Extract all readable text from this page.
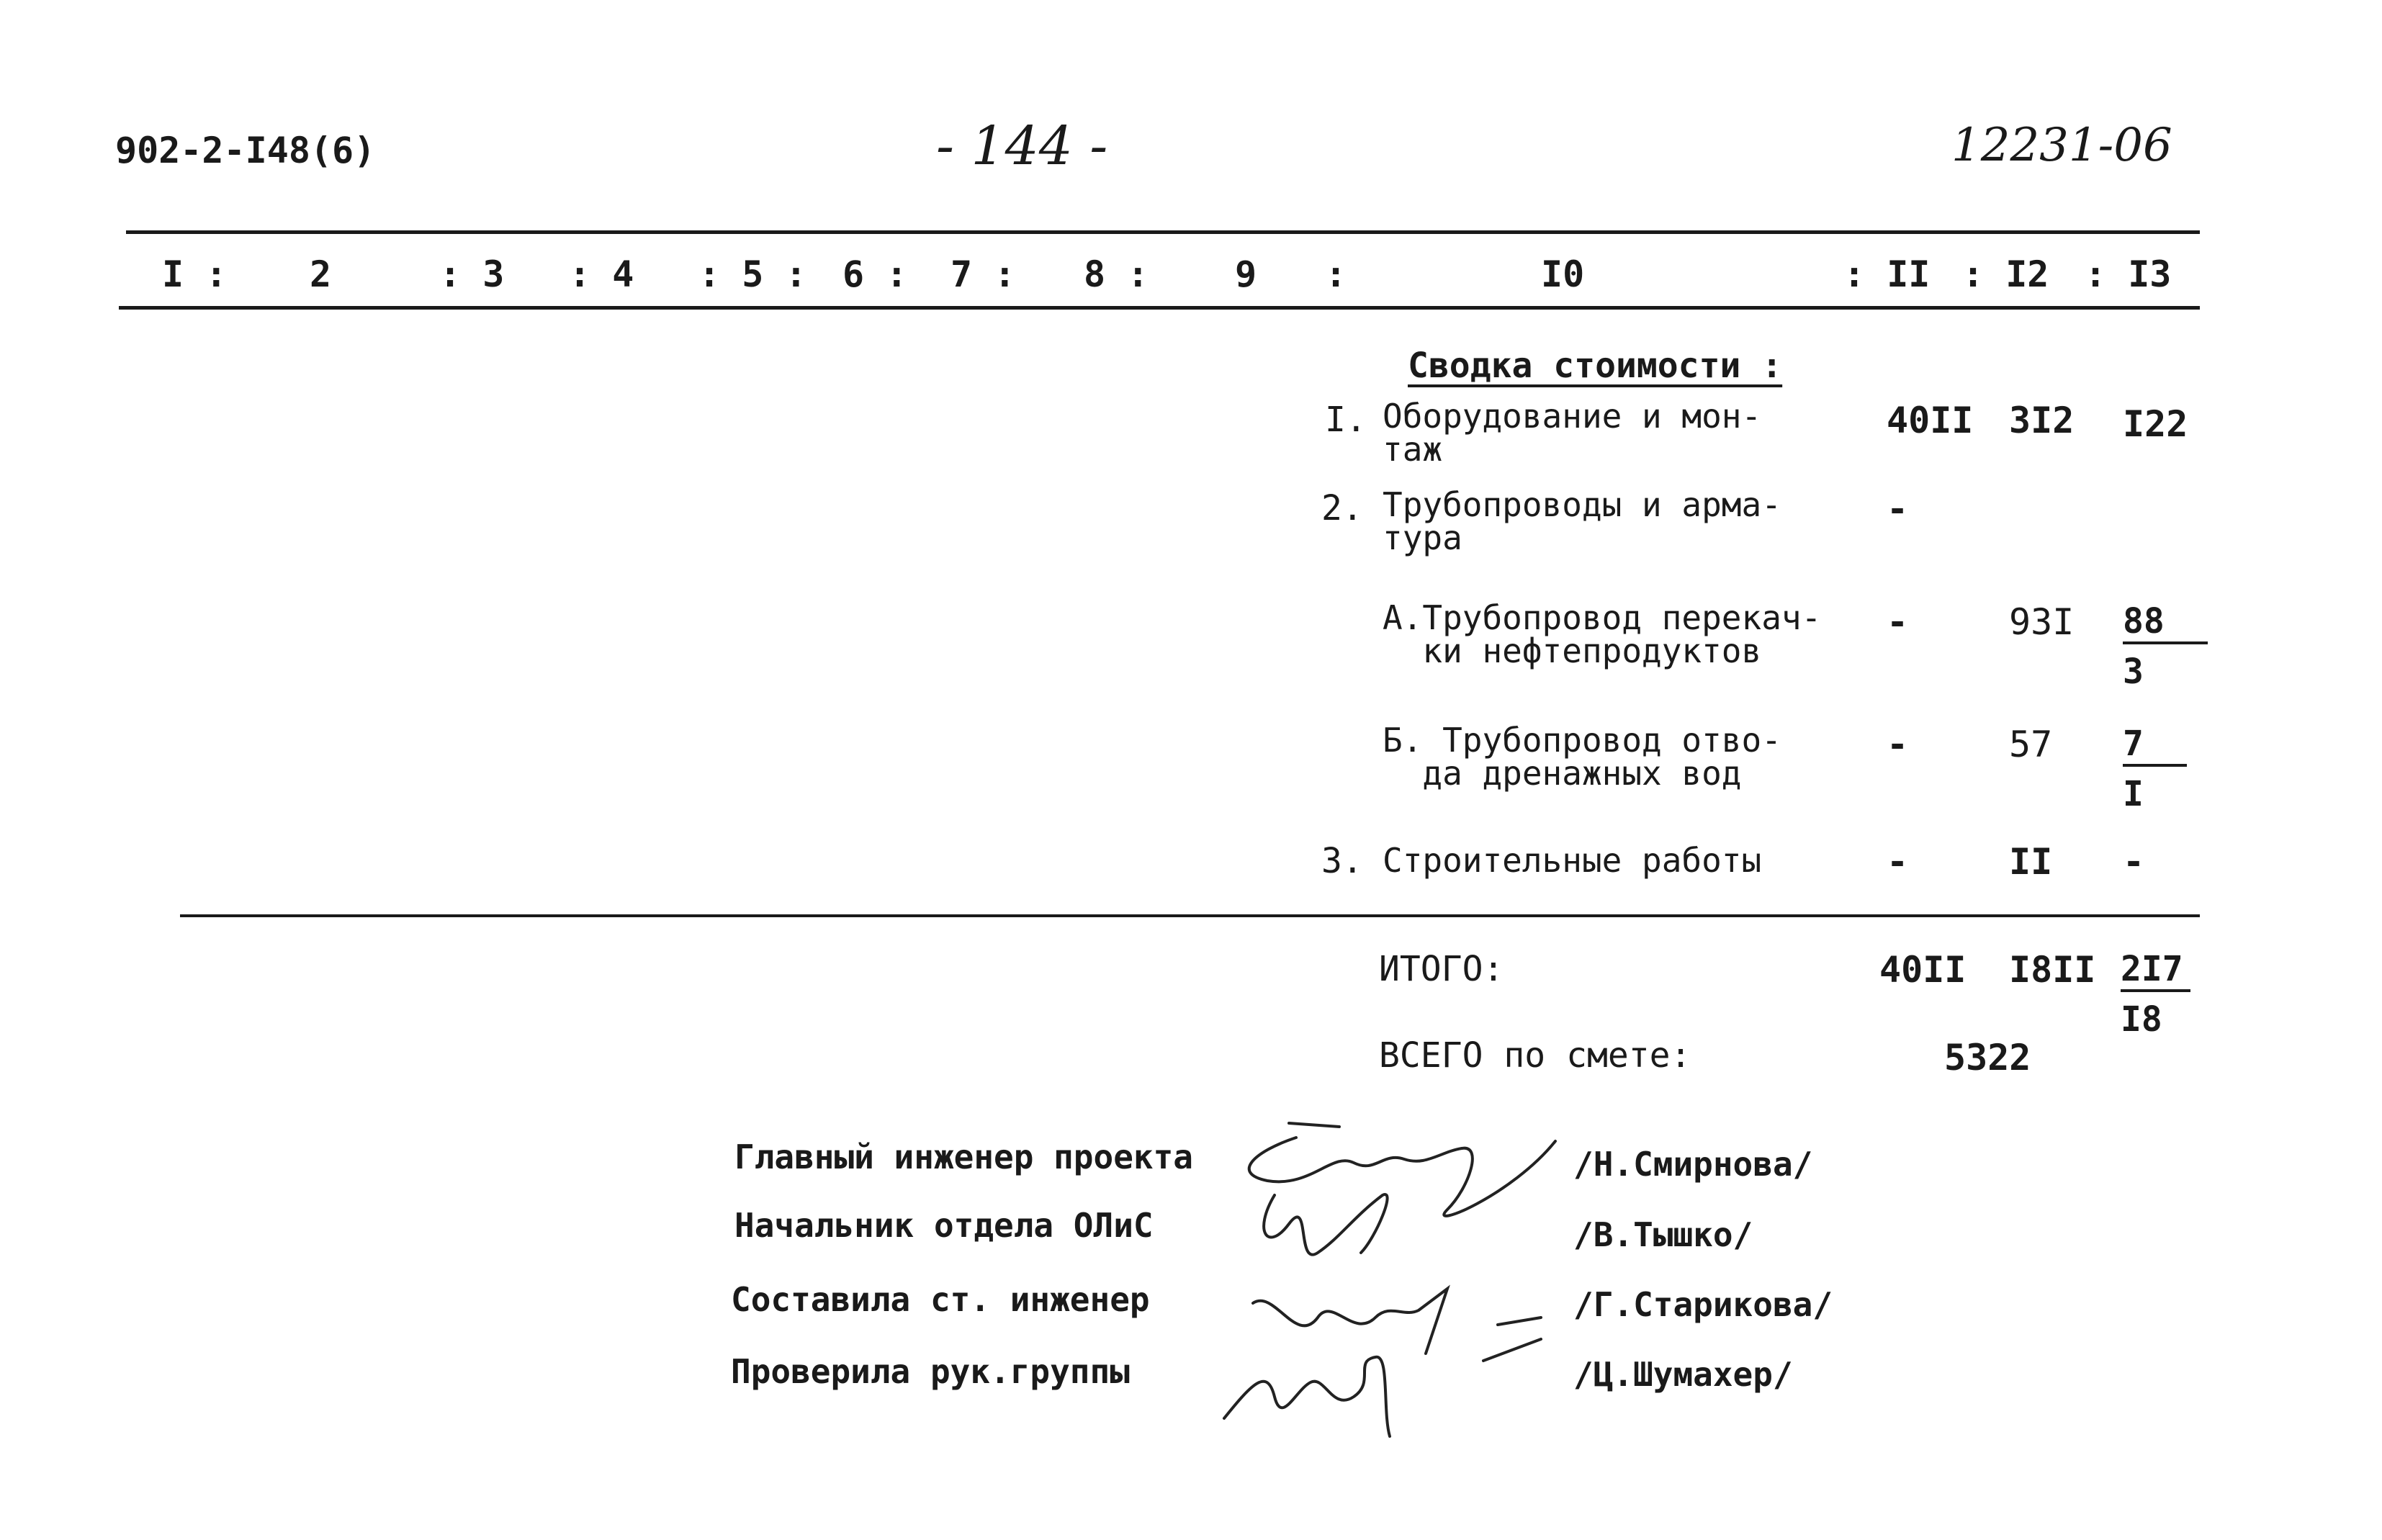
902-2-I48(6)	- 144 -	12231-06
I : 2	: 3 : 4 : 5 : 6 : 7 : 8 : 9 :	I0	: II : I2 : I3
Сводка стоимости :
I. Оборудование и мон-
таж
40II 3I2 I22
2. Трубопроводы и арма-
тура
-
А.Трубопровод перекач-
ки нефтепродуктов
-	$93I \frac{88}{3}$
Б. Трубопровод отво-
да дренажных вод
-	$57 \frac{7}{I}$
3. Строительные работы	-	II -
ИТОГО:	40II $I8II \frac{2I7}{I8}$
ВСЕГО по смете:	5322
Главный инженер проекта	/Н.Смирнова/
Начальник отдела ОЛиС	/В.Тышко/
Составила ст. инженер	/Г.Старикова/
Проверила рук.группы	/Ц.Шумахер/
